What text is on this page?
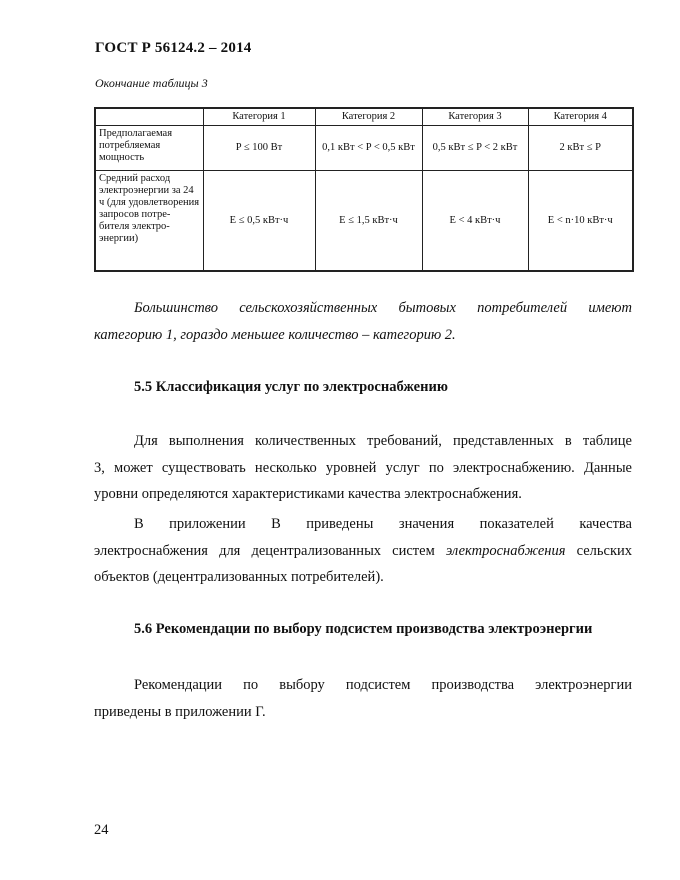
ГОСТ Р 56124.2 – 2014
Окончание таблицы 3
	Категория 1	Категория 2	Категория 3	Категория 4
Предполагаемая потребляемая мощность	P ≤ 100 Вт	0,1 кВт < P < 0,5 кВт	0,5 кВт ≤ P < 2 кВт	2 кВт ≤ P
Средний расход электроэнергии за 24 ч (для удовлетворения запросов потре-бителя электро-энергии)	E ≤ 0,5 кВт·ч	E ≤ 1,5 кВт·ч	E < 4 кВт·ч	E < n·10 кВт·ч
Большинство сельскохозяйственных бытовых потребителей имеют
категорию 1, гораздо меньшее количество – категорию 2.
5.5 Классификация услуг по электроснабжению
Для выполнения количественных требований, представленных в таблице
3, может существовать несколько уровней услуг по электроснабжению. Данные
уровни определяются характеристиками качества электроснабжения.
В приложении В приведены значения показателей качества
электроснабжения для децентрализованных систем электроснабжения сельских
объектов (децентрализованных потребителей).
5.6 Рекомендации по выбору подсистем производства электроэнергии
Рекомендации по выбору подсистем производства электроэнергии
приведены в приложении Г.
24
